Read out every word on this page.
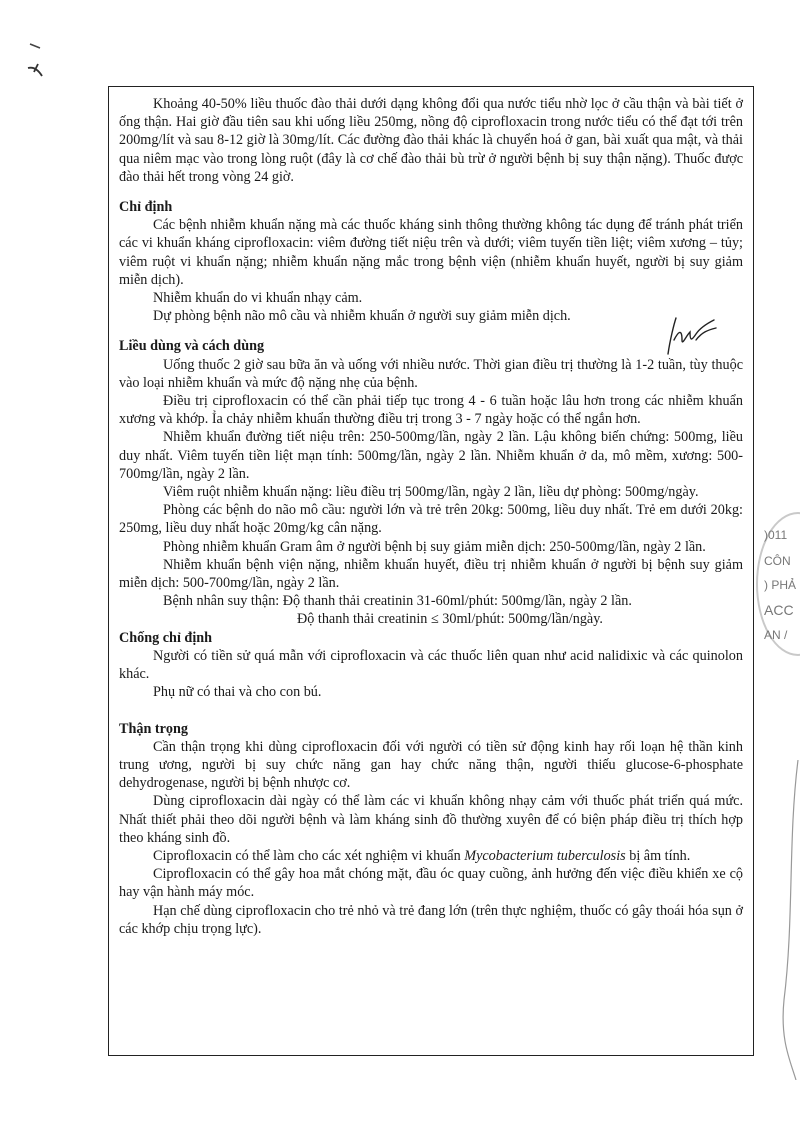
Khoảng 40-50% liều thuốc đào thải dưới dạng không đổi qua nước tiểu nhờ lọc ở cầu thận và bài tiết ở ống thận. Hai giờ đầu tiên sau khi uống liều 250mg, nồng độ ciprofloxacin trong nước tiểu có thể đạt tới trên 200mg/lít và sau 8-12 giờ là 30mg/lít. Các đường đào thải khác là chuyển hoá ở gan, bài xuất qua mật, và thải qua niêm mạc vào trong lòng ruột (đây là cơ chế đào thải bù trừ ở người bệnh bị suy thận nặng). Thuốc được đào thải hết trong vòng 24 giờ.

Chỉ định

Các bệnh nhiễm khuẩn nặng mà các thuốc kháng sinh thông thường không tác dụng để tránh phát triển các vi khuẩn kháng ciprofloxacin: viêm đường tiết niệu trên và dưới; viêm tuyến tiền liệt; viêm xương – tủy; viêm ruột vi khuẩn nặng; nhiễm khuẩn nặng mắc trong bệnh viện (nhiễm khuẩn huyết, người bị suy giảm miễn dịch).

Nhiễm khuẩn do vi khuẩn nhạy cảm.

Dự phòng bệnh não mô cầu và nhiễm khuẩn ở người suy giảm miễn dịch.

Liều dùng và cách dùng

Uống thuốc 2 giờ sau bữa ăn và uống với nhiều nước. Thời gian điều trị thường là 1-2 tuần, tùy thuộc vào loại nhiễm khuẩn và mức độ nặng nhẹ của bệnh.

Điều trị ciprofloxacin có thể cần phải tiếp tục trong 4 - 6 tuần hoặc lâu hơn trong các nhiễm khuẩn xương và khớp. Ỉa chảy nhiễm khuẩn thường điều trị trong 3 - 7 ngày hoặc có thể ngắn hơn.

Nhiễm khuẩn đường tiết niệu trên: 250-500mg/lần, ngày 2 lần. Lậu không biến chứng: 500mg, liều duy nhất. Viêm tuyến tiền liệt mạn tính: 500mg/lần, ngày 2 lần. Nhiễm khuẩn ở da, mô mềm, xương: 500-700mg/lần, ngày 2 lần.

Viêm ruột nhiễm khuẩn nặng: liều điều trị 500mg/lần, ngày 2 lần, liều dự phòng: 500mg/ngày.

Phòng các bệnh do não mô cầu: người lớn và trẻ trên 20kg: 500mg, liều duy nhất. Trẻ em dưới 20kg: 250mg, liều duy nhất hoặc 20mg/kg cân nặng.

Phòng nhiễm khuẩn Gram âm ở người bệnh bị suy giảm miễn dịch: 250-500mg/lần, ngày 2 lần.

Nhiễm khuẩn bệnh viện nặng, nhiễm khuẩn huyết, điều trị nhiễm khuẩn ở người bị bệnh suy giảm miễn dịch: 500-700mg/lần, ngày 2 lần.

Bệnh nhân suy thận: Độ thanh thải creatinin 31-60ml/phút: 500mg/lần, ngày 2 lần.

Độ thanh thải creatinin ≤ 30ml/phút: 500mg/lần/ngày.

Chống chỉ định

Người có tiền sử quá mẫn với ciprofloxacin và các thuốc liên quan như acid nalidixic và các quinolon khác.

Phụ nữ có thai và cho con bú.

Thận trọng

Cần thận trọng khi dùng ciprofloxacin đối với người có tiền sử động kinh hay rối loạn hệ thần kinh trung ương, người bị suy chức năng gan hay chức năng thận, người thiếu glucose-6-phosphate dehydrogenase, người bị bệnh nhược cơ.

Dùng ciprofloxacin dài ngày có thể làm các vi khuẩn không nhạy cảm với thuốc phát triển quá mức. Nhất thiết phải theo dõi người bệnh và làm kháng sinh đồ thường xuyên để có biện pháp điều trị thích hợp theo kháng sinh đồ.

Ciprofloxacin có thể làm cho các xét nghiệm vi khuẩn Mycobacterium tuberculosis bị âm tính.

Ciprofloxacin có thể gây hoa mắt chóng mặt, đầu óc quay cuồng, ảnh hưởng đến việc điều khiển xe cộ hay vận hành máy móc.

Hạn chế dùng ciprofloxacin cho trẻ nhỏ và trẻ đang lớn (trên thực nghiệm, thuốc có gây thoái hóa sụn ở các khớp chịu trọng lực).

)011
CÔN
) PHẢ
ACC
AN /
